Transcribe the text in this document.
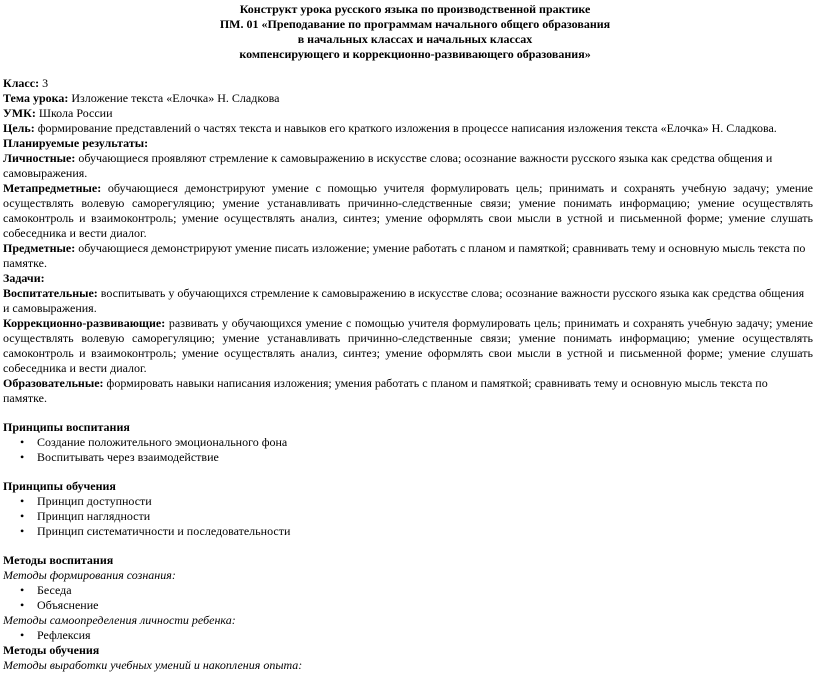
Конструкт урока русского языка по производственной практике
ПМ. 01 «Преподавание по программам начального общего образования
в начальных классах и начальных классах
компенсирующего и коррекционно-развивающего образования»

Класс: 3

Тема урока: Изложение текста «Елочка» Н. Сладкова

УМК: Школа России

Цель: формирование представлений о частях текста и навыков его краткого изложения в процессе написания изложения текста «Елочка» Н. Сладкова.

Планируемые результаты:

Личностные: обучающиеся проявляют стремление к самовыражению в искусстве слова; осознание важности русского языка как средства общения и самовыражения.

Метапредметные: обучающиеся демонстрируют умение с помощью учителя формулировать цель; принимать и сохранять учебную задачу; умение осуществлять волевую саморегуляцию; умение устанавливать причинно-следственные связи; умение понимать информацию; умение осуществлять самоконтроль и взаимоконтроль; умение осуществлять анализ, синтез; умение оформлять свои мысли в устной и письменной форме; умение слушать собеседника и вести диалог.

Предметные: обучающиеся демонстрируют умение писать изложение; умение работать с планом и памяткой; сравнивать тему и основную мысль текста по памятке.

Задачи:

Воспитательные: воспитывать у обучающихся стремление к самовыражению в искусстве слова; осознание важности русского языка как средства общения и самовыражения.

Коррекционно-развивающие: развивать у обучающихся умение с помощью учителя формулировать цель; принимать и сохранять учебную задачу; умение осуществлять волевую саморегуляцию; умение устанавливать причинно-следственные связи; умение понимать информацию; умение осуществлять самоконтроль и взаимоконтроль; умение осуществлять анализ, синтез; умение оформлять свои мысли в устной и письменной форме; умение слушать собеседника и вести диалог.

Образовательные: формировать навыки написания изложения; умения работать с планом и памяткой; сравнивать тему и основную мысль текста по памятке.

Принципы воспитания

• Создание положительного эмоционального фона
• Воспитывать через взаимодействие

Принципы обучения

• Принцип доступности
• Принцип наглядности
• Принцип систематичности и последовательности

Методы воспитания

Методы формирования сознания:

• Беседа
• Объяснение

Методы самоопределения личности ребенка:

• Рефлексия

Методы обучения

Методы выработки учебных умений и накопления опыта:
